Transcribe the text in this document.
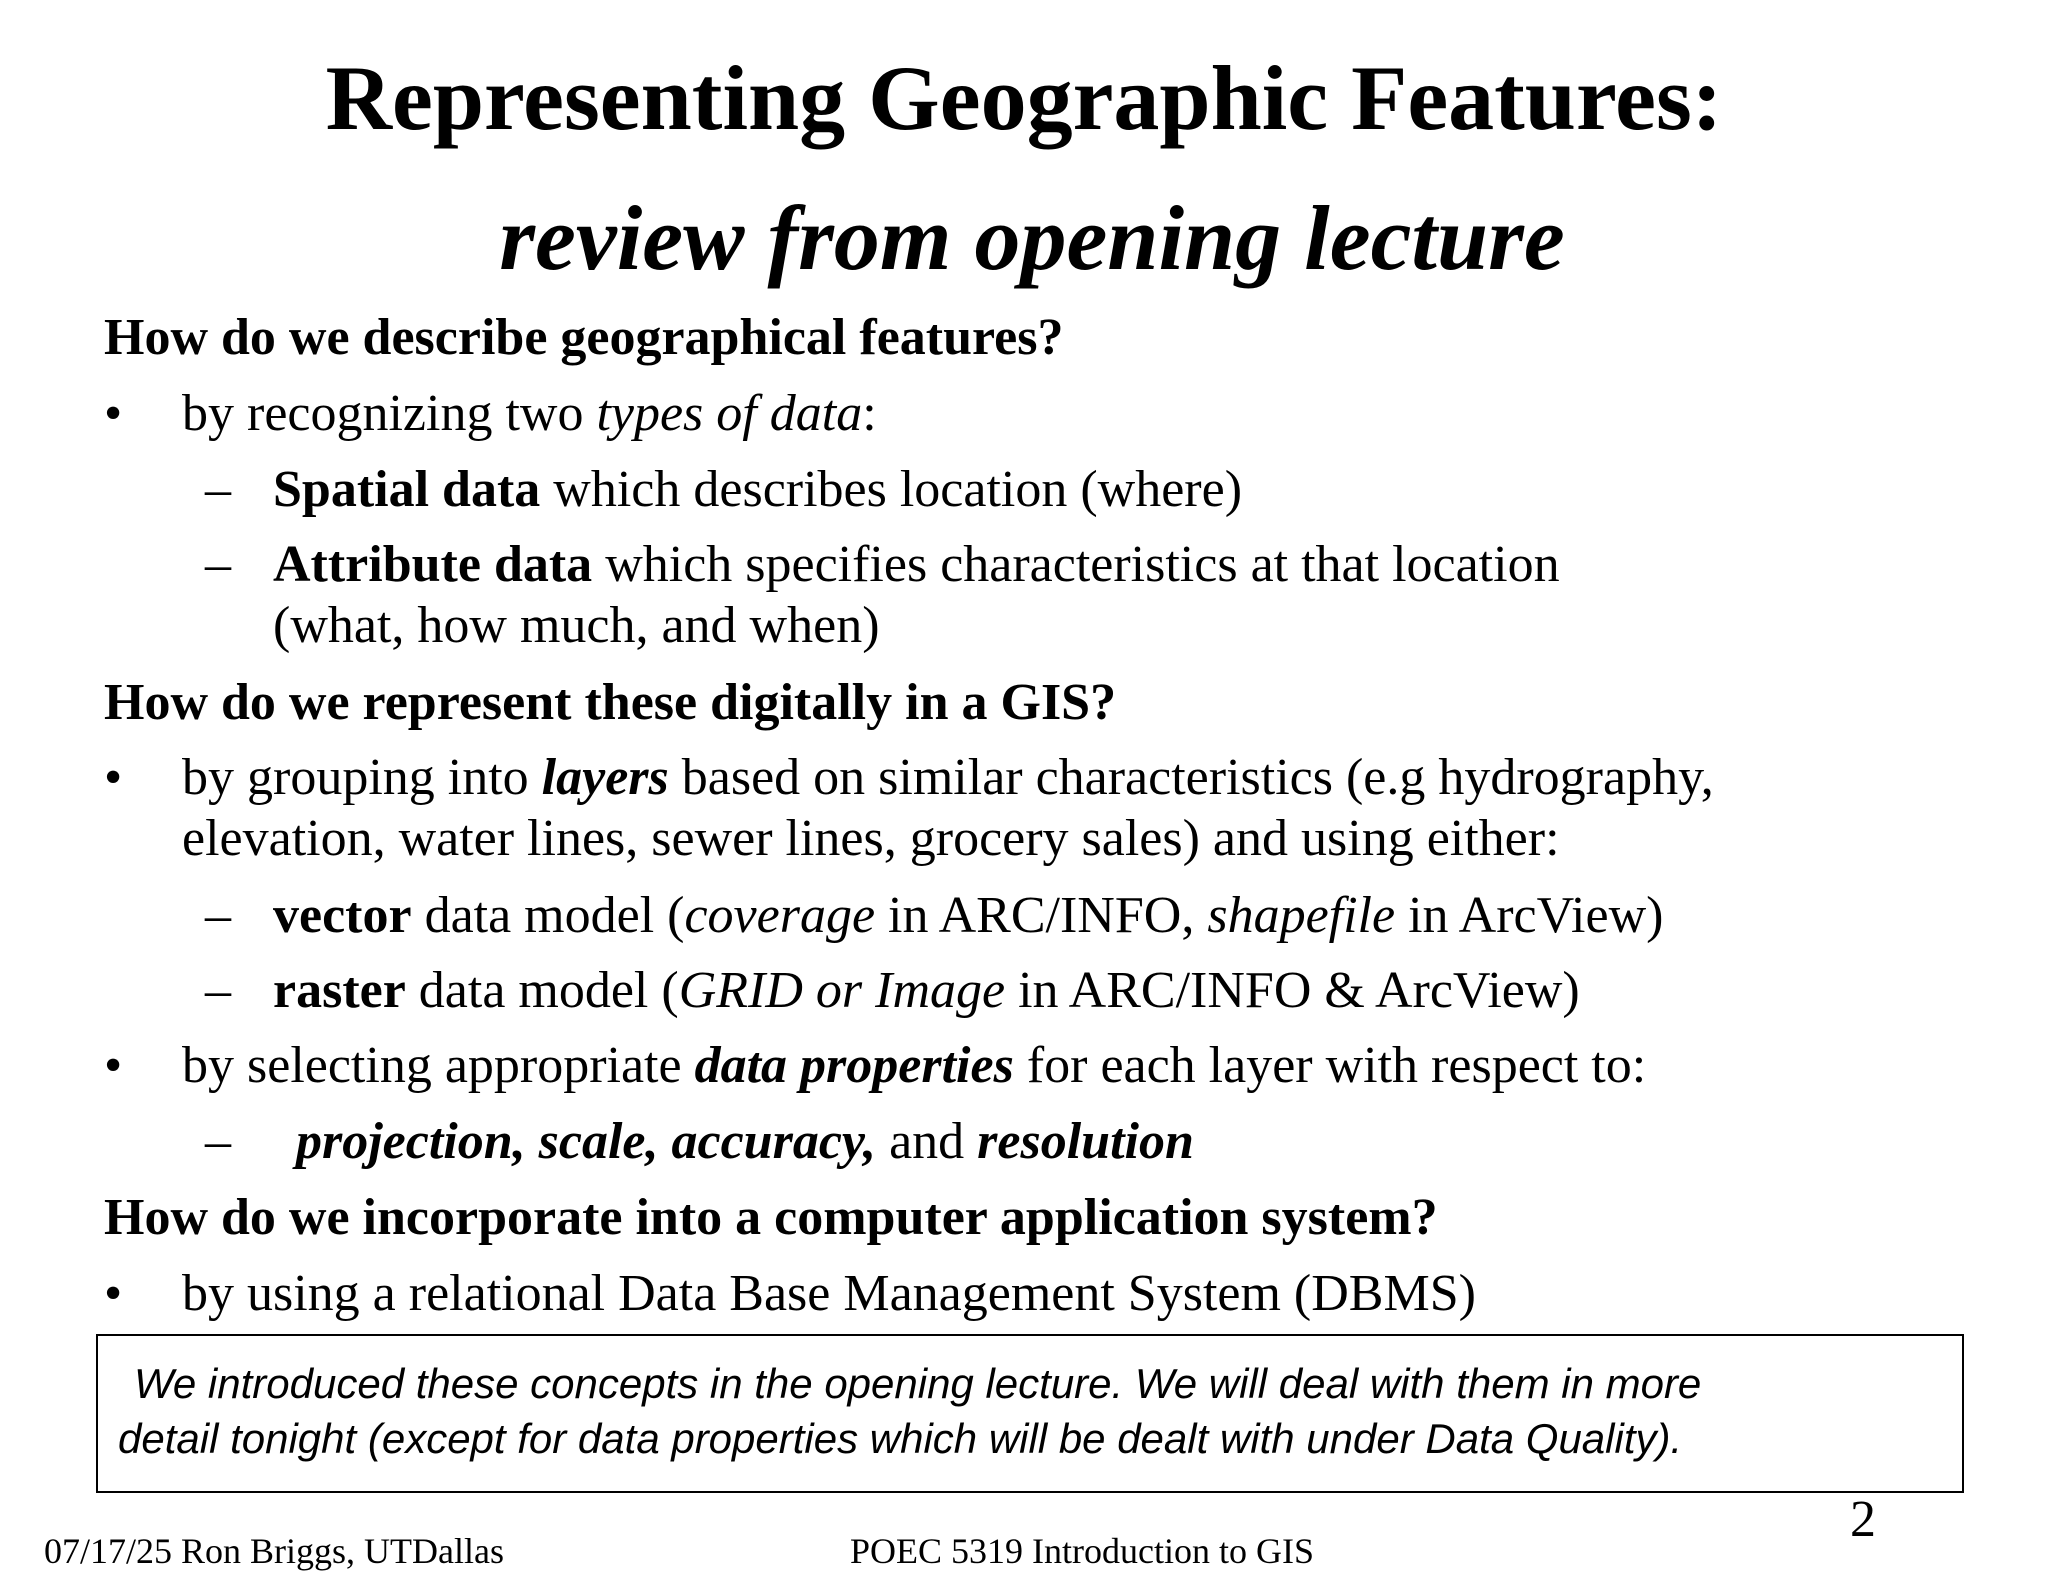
Representing Geographic Features:
review from opening lecture
How do we describe geographical features?
• by recognizing two types of data:
– Spatial data which describes location (where)
– Attribute data which specifies characteristics at that location
(what, how much, and when)
How do we represent these digitally in a GIS?
• by grouping into layers based on similar characteristics (e.g hydrography,
elevation, water lines, sewer lines, grocery sales) and using either:
– vector data model (coverage in ARC/INFO, shapefile in ArcView)
– raster data model (GRID or Image in ARC/INFO & ArcView)
• by selecting appropriate data properties for each layer with respect to:
– projection, scale, accuracy, and resolution
How do we incorporate into a computer application system?
• by using a relational Data Base Management System (DBMS)
We introduced these concepts in the opening lecture. We will deal with them in more
detail tonight (except for data properties which will be dealt with under Data Quality).
2
07/17/25 Ron Briggs, UTDallas	POEC 5319 Introduction to GIS
